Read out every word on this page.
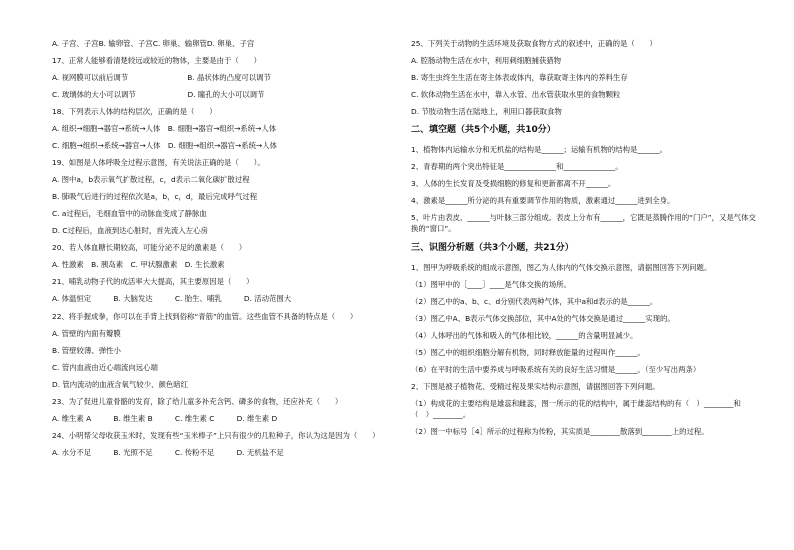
A. 子宫、子宫B. 输卵管、子宫C. 卵巢、输卵管D. 卵巢、子宫
17、正常人能够看清楚较远或较近的物体，主要是由于（　　）
A. 视网膜可以前后调节　　　　　　　　B. 晶状体的凸度可以调节
C. 玻璃体的大小可以调节　　　　　　　D. 瞳孔的大小可以调节
18、下列表示人体的结构层次，正确的是（　　）
A. 组织→细胞→器官→系统→人体　B. 细胞→器官→组织→系统→人体
C. 细胞→组织→系统→器官→人体　D. 细胞→组织→器官→系统→人体
19、如图是人体呼吸全过程示意图，有关说法正确的是（　　）。
A. 图中a，b表示氧气扩散过程，c，d表示二氧化碳扩散过程
B. 肺吸气后进行的过程依次是a，b，c，d，最后完成呼气过程
C. a过程后，毛细血管中的动脉血变成了静脉血
D. C过程后，血液到达心脏时，首先流入左心房
20、若人体血糖长期较高，可能分泌不足的激素是（　　）
A. 性激素　B. 胰岛素　C. 甲状腺激素　D. 生长激素
21、哺乳动物子代的成活率大大提高，其主要原因是（　　）
A. 体温恒定　　　B. 大脑发达　　　C. 胎生、哺乳　　　D. 活动范围大
22、将手握成拳，你可以在手背上找到俗称“青筋”的血管。这些血管不具备的特点是（　　）
A. 管壁的内面有瓣膜
B. 管壁较薄、弹性小
C. 管内血液由近心端流向远心端
D. 管内流动的血液含氧气较少、颜色暗红
23、为了促进儿童骨骼的发育，除了给儿童多补充含钙、磷多的食物，还应补充（　　）
A. 维生素 A　　　B. 维生素 B　　　C. 维生素 C　　　D. 维生素 D
24、小明帮父母收获玉米时，发现有些“玉米棒子”上只有很少的几粒种子，你认为这是因为（　　）
A. 水分不足　　　B. 光照不足　　　C. 传粉不足　　　D. 无机盐不足
25、下列关于动物的生活环境及获取食物方式的叙述中，正确的是（　　）
A. 腔肠动物生活在水中，利用刺细胞捕获猎物
B. 寄生虫终生生活在寄主体表或体内，靠获取寄主体内的养料生存
C. 软体动物生活在水中，靠入水管、出水管获取水里的食物颗粒
D. 节肢动物生活在陆地上，利用口器获取食物
二、填空题（共5个小题，共10分）
1、植物体内运输水分和无机盐的结构是______；运输有机物的结构是______。
2、青春期的两个突出特征是______________和______________。
3、人体的生长发育及受损细胞的修复和更新都离不开______。
4、激素是______所分泌的具有重要调节作用的物质，激素通过______进到全身。
5、叶片由表皮、______与叶脉三部分组成。表皮上分布有______，它既是蒸腾作用的“门户”，又是气体交换的“窗口”。
三、识图分析题（共3个小题，共21分）
1、图甲为呼吸系统的组成示意图，图乙为人体内的气体交换示意图，请据图回答下列问题。
（1）图甲中的［____］____是气体交换的场所。
（2）图乙中的a、b、c、d分别代表两种气体，其中a和d表示的是______。
（3）图乙中A、B表示气体交换部位，其中A处的气体交换是通过______实现的。
（4）人体呼出的气体和吸入的气体相比较，______的含量明显减少。
（5）图乙中的组织细胞分解有机物，同时释放能量的过程叫作______。
（6）在平时的生活中要养成与呼吸系统有关的良好生活习惯是______。（至少写出两条）
2、下图是被子植物花、受精过程及果实结构示意图，请据图回答下列问题。
（1）构成花的主要结构是雄蕊和雌蕊，图一所示的花的结构中，属于雄蕊结构的有（　）________和（　）________。
（2）图一中标号［4］所示的过程称为传粉，其实质是________散落到________上的过程。
